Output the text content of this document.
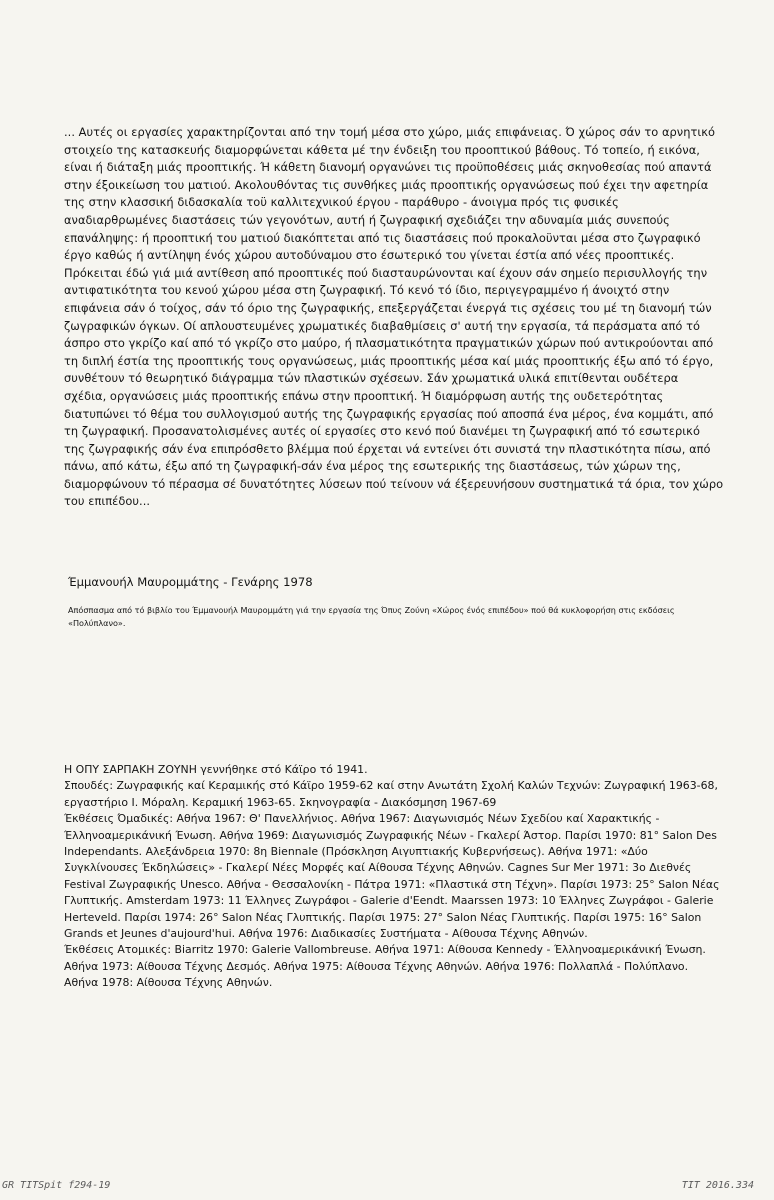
... Αυτές οι εργασίες χαρακτηρίζονται από την τομή μέσα στο χώρο, μιάς επιφάνειας. Ό χώρος σάν το αρνητικό στοιχείο της κατασκευής διαμορφώνεται κάθετα μέ την ένδειξη του προοπτικού βάθους. Τό τοπείο, ή εικόνα, είναι ή διάταξη μιάς προοπτικής. Ή κάθετη διανομή οργανώνει τις προϋποθέσεις μιάς σκηνοθεσίας πού απαντά στην έξοικείωση του ματιού. Ακολουθόντας τις συνθήκες μιάς προοπτικής οργανώσεως πού έχει την αφετηρία της στην κλασσική διδασκαλία τοϋ καλλιτεχνικού έργου - παράθυρο - άνοιγμα πρός τις φυσικές αναδιαρθρωμένες διαστάσεις τών γεγονότων, αυτή ή ζωγραφική σχεδιάζει την αδυναμία μιάς συνεπούς επανάληψης: ή προοπτική του ματιού διακόπτεται από τις διαστάσεις πού προκαλοϋνται μέσα στο ζωγραφικό έργο καθώς ή αντίληψη ένός χώρου αυτοδύναμου στο έσωτερικό του γίνεται έστία από νέες προοπτικές. Πρόκειται έδώ γιά μιά αντίθεση από προοπτικές πού διασταυρώνονται καί έχουν σάν σημείο περισυλλογής την αντιφατικότητα του κενού χώρου μέσα στη ζωγραφική. Τό κενό τό ίδιο, περιγεγραμμένο ή άνοιχτό στην επιφάνεια σάν ό τοίχος, σάν τό όριο της ζωγραφικής, επεξεργάζεται ένεργά τις σχέσεις του μέ τη διανομή τών ζωγραφικών όγκων. Οί απλουστευμένες χρωματικές διαβαθμίσεις σ' αυτή την εργασία, τά περάσματα από τό άσπρο στο γκρίζο καί από τό γκρίζο στο μαύρο, ή πλασματικότητα πραγματικών χώρων πού αντικρούονται από τη διπλή έστία της προοπτικής τους οργανώσεως, μιάς προοπτικής μέσα καί μιάς προοπτικής έξω από τό έργο, συνθέτουν τό θεωρητικό διάγραμμα τών πλαστικών σχέσεων. Σάν χρωματικά υλικά επιτίθενται ουδέτερα σχέδια, οργανώσεις μιάς προοπτικής επάνω στην προοπτική. Ή διαμόρφωση αυτής της ουδετερότητας διατυπώνει τό θέμα του συλλογισμού αυτής της ζωγραφικής εργασίας πού αποσπά ένα μέρος, ένα κομμάτι, από τη ζωγραφική. Προσανατολισμένες αυτές οί εργασίες στο κενό πού διανέμει τη ζωγραφική από τό εσωτερικό της ζωγραφικής σάν ένα επιπρόσθετο βλέμμα πού έρχεται νά εντείνει ότι συνιστά την πλαστικότητα πίσω, από πάνω, από κάτω, έξω από τη ζωγραφική-σάν ένα μέρος της εσωτερικής της διαστάσεως, τών χώρων της, διαμορφώνουν τό πέρασμα σέ δυνατότητες λύσεων πού τείνουν νά έξερευνήσουν συστηματικά τά όρια, τον χώρο του επιπέδου...

Έμμανουήλ Μαυρομμάτης - Γενάρης 1978
Απόσπασμα από τό βιβλίο του Έμμανουήλ Μαυρομμάτη γιά την εργασία της Όπυς Ζούνη «Χώρος ένός επιπέδου» πού θά κυκλοφορήση στις εκδόσεις «Πολύπλανο».

Η ΟΠΥ ΣΑΡΠΑΚΗ ΖΟΥΝΗ γεννήθηκε στό Κάϊρο τό 1941.

Σπουδές: Ζωγραφικής καί Κεραμικής στό Κάϊρο 1959-62 καί στην Ανωτάτη Σχολή Καλών Τεχνών: Ζωγραφική 1963-68, εργαστήριο Ι. Μόραλη. Κεραμική 1963-65. Σκηνογραφία - Διακόσμηση 1967-69

Έκθέσεις Όμαδικές: Αθήνα 1967: Θ' Πανελλήνιος. Αθήνα 1967: Διαγωνισμός Νέων Σχεδίου καί Χαρακτικής - Έλληνοαμερικάνική Ένωση. Αθήνα 1969: Διαγωνισμός Ζωγραφικής Νέων - Γκαλερί Άστορ. Παρίσι 1970: 81° Salon Des Independants. Αλεξάνδρεια 1970: 8η Biennale (Πρόσκληση Αιγυπτιακής Κυβερνήσεως). Αθήνα 1971: «Δύο Συγκλίνουσες Έκδηλώσεις» - Γκαλερί Νέες Μορφές καί Αίθουσα Τέχνης Αθηνών. Cagnes Sur Mer 1971: 3ο Διεθνές Festival Ζωγραφικής Unesco. Αθήνα - Θεσσαλονίκη - Πάτρα 1971: «Πλαστικά στη Τέχνη». Παρίσι 1973: 25° Salon Νέας Γλυπτικής. Amsterdam 1973: 11 Έλληνες Ζωγράφοι - Galerie d'Eendt. Maarssen 1973: 10 Έλληνες Ζωγράφοι - Galerie Herteveld. Παρίσι 1974: 26° Salon Νέας Γλυπτικής. Παρίσι 1975: 27° Salon Νέας Γλυπτικής. Παρίσι 1975: 16° Salon Grands et Jeunes d'aujourd'hui. Αθήνα 1976: Διαδικασίες Συστήματα - Αίθουσα Τέχνης Αθηνών.

Έκθέσεις Ατομικές: Biarritz 1970: Galerie Vallombreuse. Αθήνα 1971: Αίθουσα Kennedy - Έλληνοαμερικάνική Ένωση. Αθήνα 1973: Αίθουσα Τέχνης Δεσμός. Αθήνα 1975: Αίθουσα Τέχνης Αθηνών. Αθήνα 1976: Πολλαπλά - Πολύπλανο. Αθήνα 1978: Αίθουσα Τέχνης Αθηνών.

GR TITSpit f294-19	TIT 2016.334
